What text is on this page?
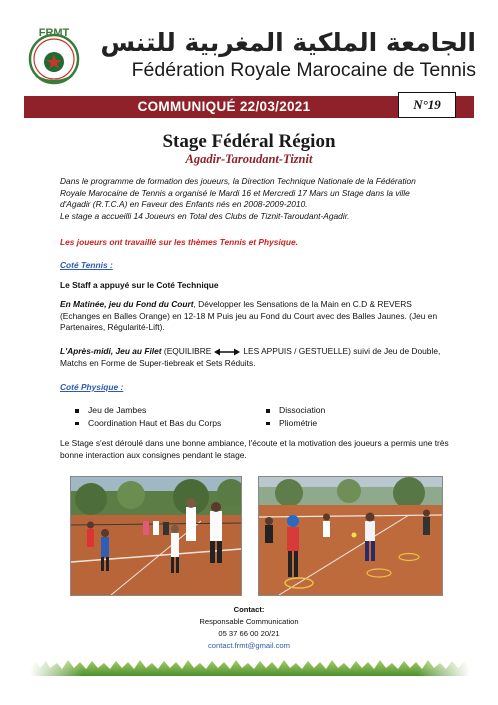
FRMT الجامعة الملكية المغربية للتنس
Fédération Royale Marocaine de Tennis
COMMUNIQUÉ 22/03/2021	N°19
Stage Fédéral Région
Agadir-Taroudant-Tiznit

Dans le programme de formation des joueurs, la Direction Technique Nationale de la Fédération

Royale Marocaine de Tennis a organisé le Mardi 16 et Mercredi 17 Mars un Stage dans la ville

d'Agadir (R.T.C.A) en Faveur des Enfants nés en 2008-2009-2010.

Le stage a accueilli 14 Joueurs en Total des Clubs de Tiznit-Taroudant-Agadir.

Les joueurs ont travaillé sur les thèmes Tennis et Physique.
Coté Tennis :
Le Staff a appuyé sur le Coté Technique
En Matinée, jeu du Fond du Court, Développer les Sensations de la Main en C.D & REVERS (Echanges en Balles Orange) en 12-18 M Puis jeu au Fond du Court avec des Balles Jaunes. (Jeu en Partenaires, Régularité-Lift).
L'Après-midi, Jeu au Filet (EQUILIBRE	LES APPUIS / GESTUELLE) suivi de Jeu de Double, Matchs en Forme de Super-tiebreak et Sets Réduits.
Coté Physique :
Jeu de Jambes
Coordination Haut et Bas du Corps
Dissociation
Pliométrie
Le Stage s'est déroulé dans une bonne ambiance, l'écoute et la motivation des joueurs a permis une très bonne interaction aux consignes pendant le stage.
Contact:
Responsable Communication
05 37 66 00 20/21
contact.frmt@gmail.com
